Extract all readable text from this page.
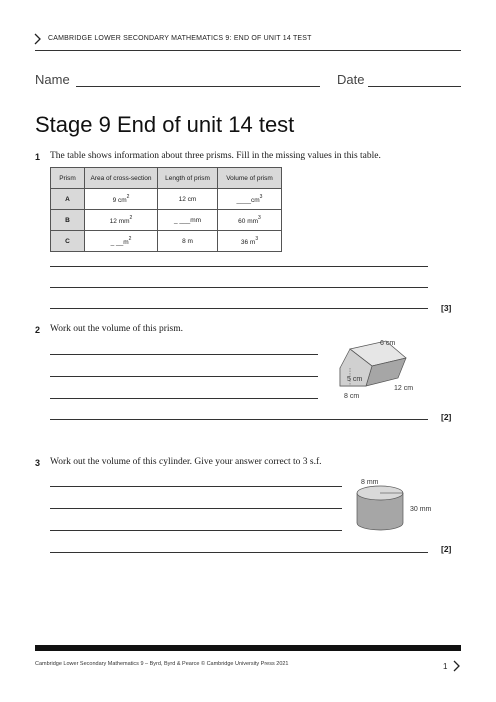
CAMBRIDGE LOWER SECONDARY MATHEMATICS 9: END OF UNIT 14 TEST
Name	Date
Stage 9 End of unit 14 test
1 The table shows information about three prisms. Fill in the missing values in this table.
Prism	Area of cross-section	Length of prism	Volume of prism
A	9 $cm^2$	12 cm	$\_\_\_\_cm^3$
B	12 $mm^2$	_ ___mm	60 $mm^3$
C	_ $\_\_m^2$	8 m	36 $m^3$
[3]
2 Work out the volume of this prism.
[2]
6 cm
5 cm
8 cm
12 cm
3 Work out the volume of this cylinder. Give your answer correct to 3 s.f.
[2]
8 mm
30 mm
Cambridge Lower Secondary Mathematics 9 – Byrd, Byrd & Pearce © Cambridge University Press 2021	1
